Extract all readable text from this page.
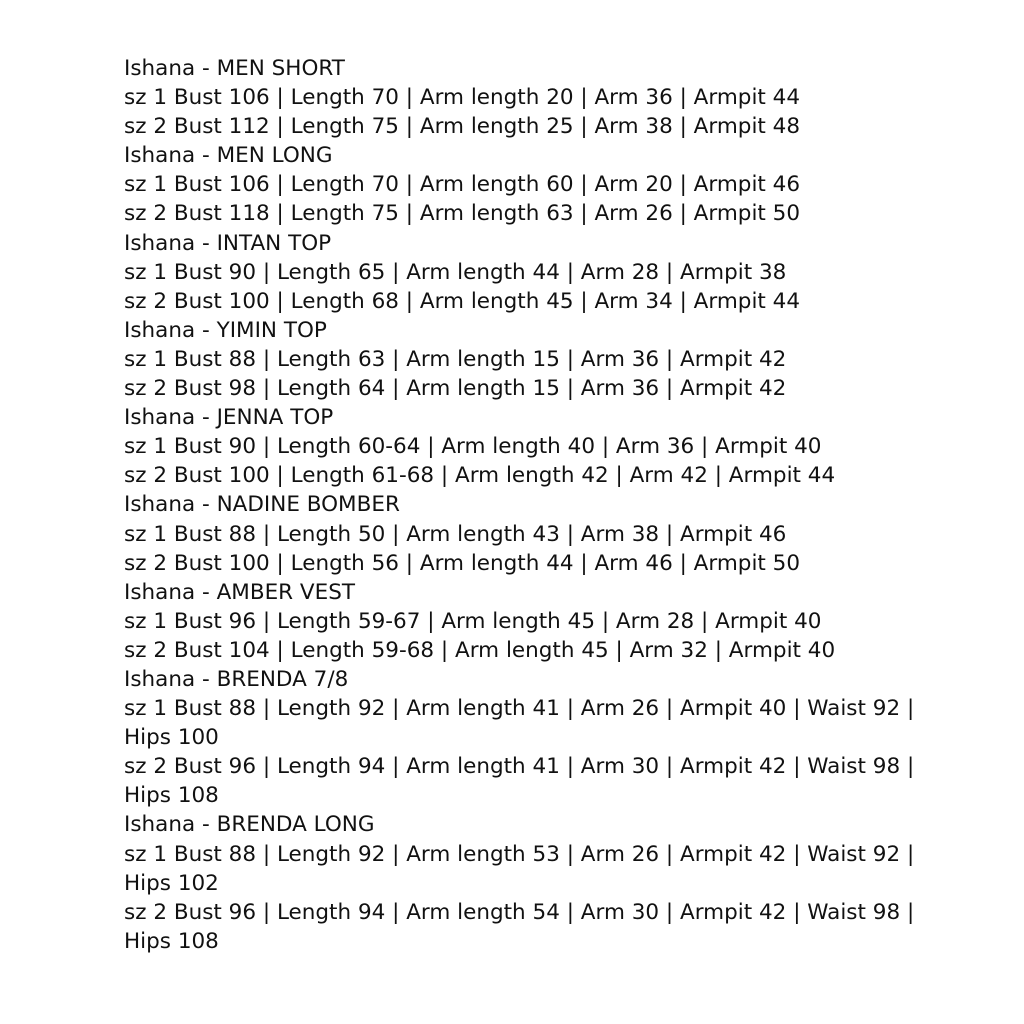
Ishana - MEN SHORT
sz 1 Bust 106 | Length 70 | Arm length 20 | Arm 36 | Armpit 44
sz 2 Bust 112 | Length 75 | Arm length 25 | Arm 38 | Armpit 48
Ishana - MEN LONG
sz 1 Bust 106 | Length 70 | Arm length 60 | Arm 20 | Armpit 46
sz 2 Bust 118 | Length 75 | Arm length 63 | Arm 26 | Armpit 50
Ishana - INTAN TOP
sz 1 Bust 90 | Length 65 | Arm length 44 | Arm 28 | Armpit 38
sz 2 Bust 100 | Length 68 | Arm length 45 | Arm 34 | Armpit 44
Ishana - YIMIN TOP
sz 1 Bust 88 | Length 63 | Arm length 15 | Arm 36 | Armpit 42
sz 2 Bust 98 | Length 64 | Arm length 15 | Arm 36 | Armpit 42
Ishana - JENNA TOP
sz 1 Bust 90 | Length 60-64 | Arm length 40 | Arm 36 | Armpit 40
sz 2 Bust 100 | Length 61-68 | Arm length 42 | Arm 42 | Armpit 44
Ishana - NADINE BOMBER
sz 1 Bust 88 | Length 50 | Arm length 43 | Arm 38 | Armpit 46
sz 2 Bust 100 | Length 56 | Arm length 44 | Arm 46 | Armpit 50
Ishana - AMBER VEST
sz 1 Bust 96 | Length 59-67 | Arm length 45 | Arm 28 | Armpit 40
sz 2 Bust 104 | Length 59-68 | Arm length 45 | Arm 32 | Armpit 40
Ishana - BRENDA 7/8
sz 1 Bust 88 | Length 92 | Arm length 41 | Arm 26 | Armpit 40 | Waist 92 |
Hips 100
sz 2 Bust 96 | Length 94 | Arm length 41 | Arm 30 | Armpit 42 | Waist 98 |
Hips 108
Ishana - BRENDA LONG
sz 1 Bust 88 | Length 92 | Arm length 53 | Arm 26 | Armpit 42 | Waist 92 |
Hips 102
sz 2 Bust 96 | Length 94 | Arm length 54 | Arm 30 | Armpit 42 | Waist 98 |
Hips 108
